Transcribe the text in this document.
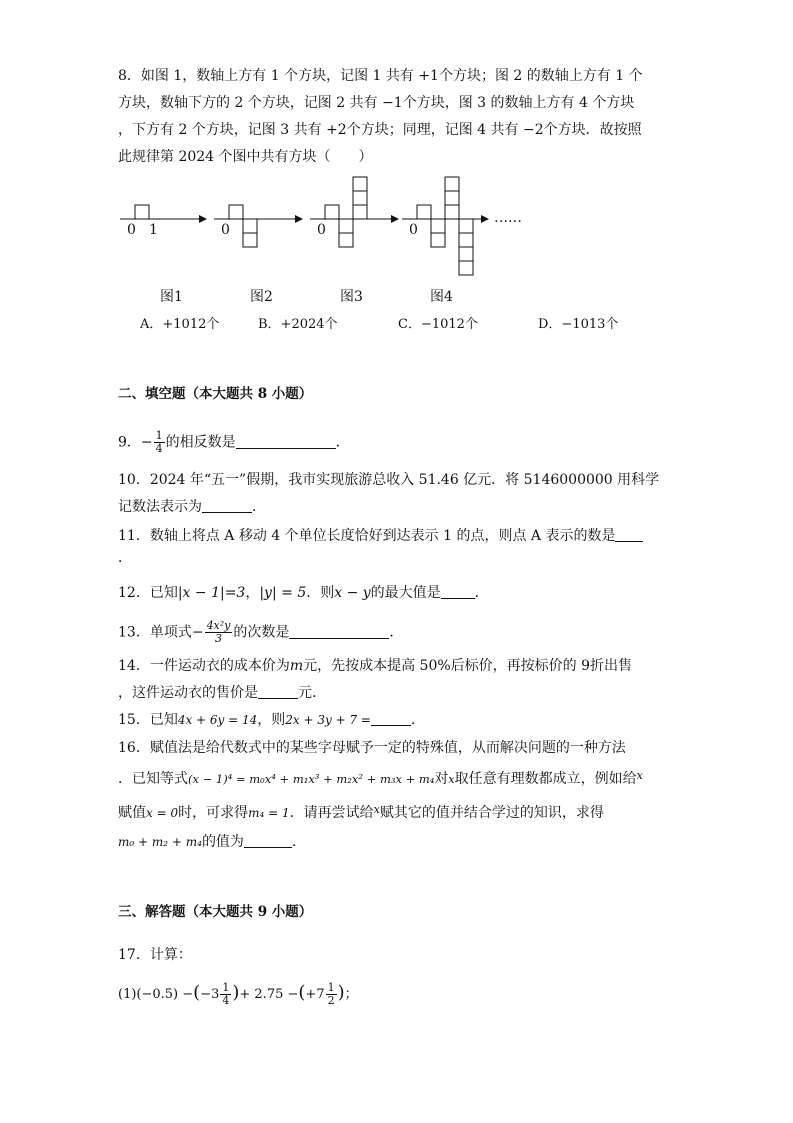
8．如图 1，数轴上方有 1 个方块，记图 1 共有 +1个方块；图 2 的数轴上方有 1 个
方块，数轴下方的 2 个方块，记图 2 共有 −1个方块，图 3 的数轴上方有 4 个方块
，下方有 2 个方块，记图 3 共有 +2个方块；同理，记图 4 共有 −2个方块．故按照
此规律第 2024 个图中共有方块（　　）
0 1	0	0	0
……
图1	图2	图3	图4
A．+1012个	B．+2024个	C．−1012个	D．−1013个
二、填空题（本大题共 8 小题）
9．− $\frac{1}{4}$ 的相反数是	．
10．2024 年“五一”假期，我市实现旅游总收入 51.46 亿元．将 5146000000 用科学
记数法表示为	．
11．数轴上将点 A 移动 4 个单位长度恰好到达表示 1 的点，则点 A 表示的数是
．
12．已知|x − 1|=3，|y| = 5．则x − y的最大值是 ．
13．单项式− $\frac{\text{4x²y}}{3}$ 的次数是	．
14．一件运动衣的成本价为m元，先按成本提高 50%后标价，再按标价的 9折出售
，这件运动衣的售价是	元．
15．已知4x + 6y = 14，则2x + 3y + 7 =	．
16．赋值法是给代数式中的某些字母赋予一定的特殊值，从而解决问题的一种方法
．已知等式(x − 1)⁴ = m₀x⁴ + m₁x³ + m₂x² + m₃x + m₄对x取任意有理数都成立，例如给$^x$
赋值x = 0时，可求得m₄ = 1．请再尝试给$^x$赋其它的值并结合学过的知识，求得
m₀ + m₂ + m₄的值为	．
三、解答题（本大题共 9 小题）
17．计算：
$(1)(-0.5) -(-3 \frac{1}{4}$ )+ $2.75 -(+7 \frac{1}{2}$ )；
